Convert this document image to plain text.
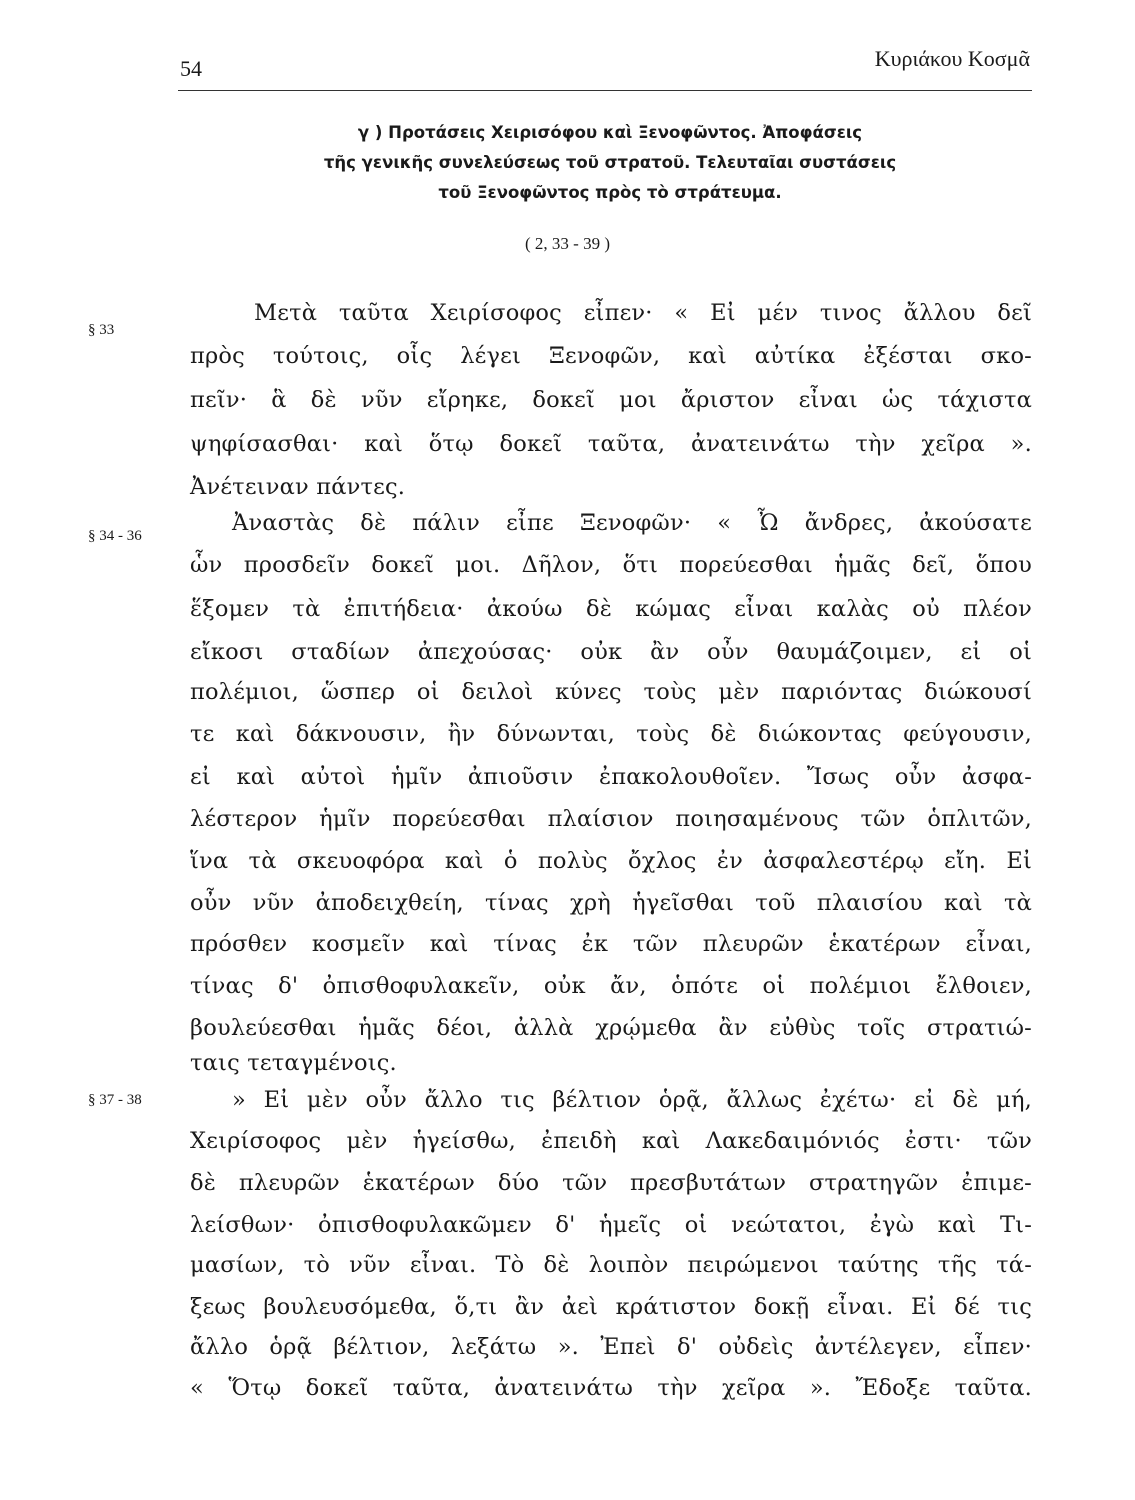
54	Κυριάκου Κοσμᾶ
γ ) Προτάσεις Χειρισόφου καὶ Ξενοφῶντος. Ἀποφάσεις
τῆς γενικῆς συνελεύσεως τοῦ στρατοῦ. Τελευταῖαι συστάσεις
τοῦ Ξενοφῶντος πρὸς τὸ στράτευμα.
( 2, 33 - 39 )
§ 33
§ 34 - 36
§ 37 - 38
Μετὰ ταῦτα Χειρίσοφος εἶπεν· « Εἰ μέν τινος ἄλλου δεῖ
πρὸς τούτοις, οἷς λέγει Ξενοφῶν, καὶ αὐτίκα ἐξέσται σκο-
πεῖν· ἃ δὲ νῦν εἴρηκε, δοκεῖ μοι ἄριστον εἶναι ὡς τάχιστα
ψηφίσασθαι· καὶ ὅτῳ δοκεῖ ταῦτα, ἀνατεινάτω τὴν χεῖρα ».
Ἀνέτειναν πάντες.
Ἀναστὰς δὲ πάλιν εἶπε Ξενοφῶν· « Ὦ ἄνδρες, ἀκούσατε
ὧν προσδεῖν δοκεῖ μοι. Δῆλον, ὅτι πορεύεσθαι ἡμᾶς δεῖ, ὅπου
ἕξομεν τὰ ἐπιτήδεια· ἀκούω δὲ κώμας εἶναι καλὰς οὐ πλέον
εἴκοσι σταδίων ἀπεχούσας· οὐκ ἂν οὖν θαυμάζοιμεν, εἰ οἱ
πολέμιοι, ὥσπερ οἱ δειλοὶ κύνες τοὺς μὲν παριόντας διώκουσί
τε καὶ δάκνουσιν, ἢν δύνωνται, τοὺς δὲ διώκοντας φεύγουσιν,
εἰ καὶ αὐτοὶ ἡμῖν ἀπιοῦσιν ἐπακολουθοῖεν. Ἴσως οὖν ἀσφα-
λέστερον ἡμῖν πορεύεσθαι πλαίσιον ποιησαμένους τῶν ὁπλιτῶν,
ἵνα τὰ σκευοφόρα καὶ ὁ πολὺς ὄχλος ἐν ἀσφαλεστέρῳ εἴη. Εἰ
οὖν νῦν ἀποδειχθείη, τίνας χρὴ ἡγεῖσθαι τοῦ πλαισίου καὶ τὰ
πρόσθεν κοσμεῖν καὶ τίνας ἐκ τῶν πλευρῶν ἑκατέρων εἶναι,
τίνας δ' ὀπισθοφυλακεῖν, οὐκ ἄν, ὁπότε οἱ πολέμιοι ἔλθοιεν,
βουλεύεσθαι ἡμᾶς δέοι, ἀλλὰ χρῴμεθα ἂν εὐθὺς τοῖς στρατιώ-
ταις τεταγμένοις.
» Εἰ μὲν οὖν ἄλλο τις βέλτιον ὁρᾷ, ἄλλως ἐχέτω· εἰ δὲ μή,
Χειρίσοφος μὲν ἡγείσθω, ἐπειδὴ καὶ Λακεδαιμόνιός ἐστι· τῶν
δὲ πλευρῶν ἑκατέρων δύο τῶν πρεσβυτάτων στρατηγῶν ἐπιμε-
λείσθων· ὀπισθοφυλακῶμεν δ' ἡμεῖς οἱ νεώτατοι, ἐγὼ καὶ Τι-
μασίων, τὸ νῦν εἶναι. Τὸ δὲ λοιπὸν πειρώμενοι ταύτης τῆς τά-
ξεως βουλευσόμεθα, ὅ,τι ἂν ἀεὶ κράτιστον δοκῇ εἶναι. Εἰ δέ τις
ἄλλο ὁρᾷ βέλτιον, λεξάτω ». Ἐπεὶ δ' οὐδεὶς ἀντέλεγεν, εἶπεν·
« Ὅτῳ δοκεῖ ταῦτα, ἀνατεινάτω τὴν χεῖρα ». Ἔδοξε ταῦτα.
